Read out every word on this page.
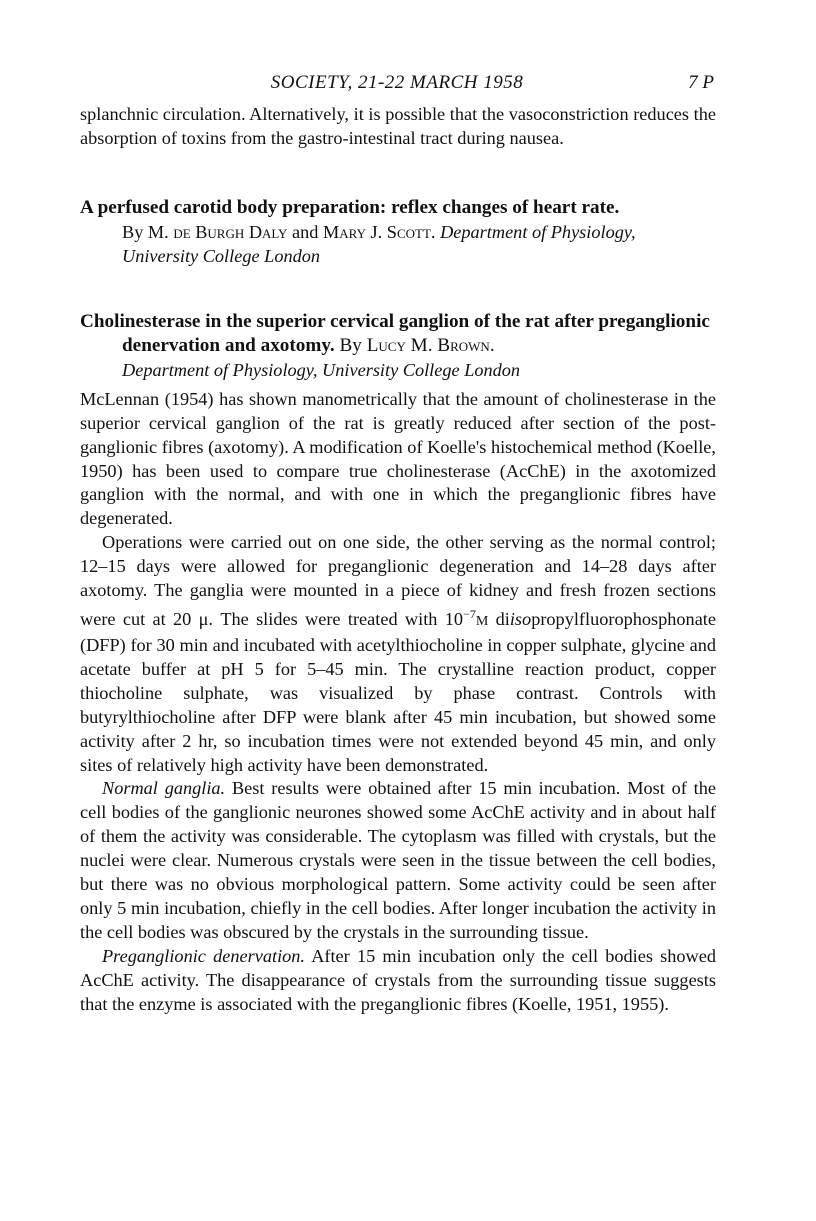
SOCIETY, 21-22 MARCH 1958	7 P

splanchnic circulation. Alternatively, it is possible that the vasoconstriction reduces the absorption of toxins from the gastro-intestinal tract during nausea.

A perfused carotid body preparation: reflex changes of heart rate.
By M. de Burgh Daly and Mary J. Scott. Department of Physiology, University College London
Cholinesterase in the superior cervical ganglion of the rat after preganglionic denervation and axotomy. By Lucy M. Brown.
Department of Physiology, University College London

McLennan (1954) has shown manometrically that the amount of cholinesterase in the superior cervical ganglion of the rat is greatly reduced after section of the post-ganglionic fibres (axotomy). A modification of Koelle's histochemical method (Koelle, 1950) has been used to compare true cholinesterase (AcChE) in the axotomized ganglion with the normal, and with one in which the preganglionic fibres have degenerated.

Operations were carried out on one side, the other serving as the normal control; 12–15 days were allowed for preganglionic degeneration and 14–28 days after axotomy. The ganglia were mounted in a piece of kidney and fresh frozen sections were cut at 20 μ. The slides were treated with $10^{-7}M$ diisopropylfluorophosphonate (DFP) for 30 min and incubated with acetylthiocholine in copper sulphate, glycine and acetate buffer at pH 5 for 5–45 min. The crystalline reaction product, copper thiocholine sulphate, was visualized by phase contrast. Controls with butyrylthiocholine after DFP were blank after 45 min incubation, but showed some activity after 2 hr, so incubation times were not extended beyond 45 min, and only sites of relatively high activity have been demonstrated.

Normal ganglia. Best results were obtained after 15 min incubation. Most of the cell bodies of the ganglionic neurones showed some AcChE activity and in about half of them the activity was considerable. The cytoplasm was filled with crystals, but the nuclei were clear. Numerous crystals were seen in the tissue between the cell bodies, but there was no obvious morphological pattern. Some activity could be seen after only 5 min incubation, chiefly in the cell bodies. After longer incubation the activity in the cell bodies was obscured by the crystals in the surrounding tissue.

Preganglionic denervation. After 15 min incubation only the cell bodies showed AcChE activity. The disappearance of crystals from the surrounding tissue suggests that the enzyme is associated with the preganglionic fibres (Koelle, 1951, 1955).
